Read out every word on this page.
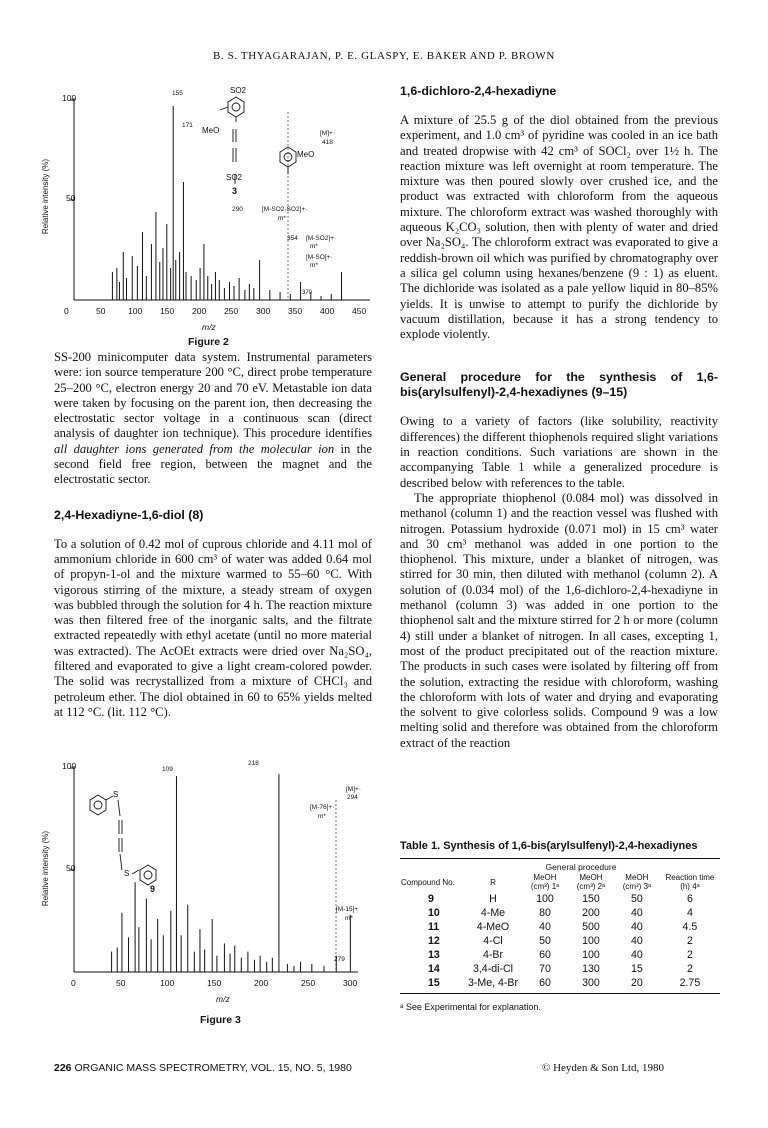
B. S. THYAGARAJAN, P. E. GLASPY, E. BAKER AND P. BROWN
100
50
Relative intensity (%)
0	50	100 150 200 250 300 350 400 450
m/z
Figure 2
SO2
MeO
MeO
SO2
3
155
171
[M]+·
418
[M-SO2-SO2]+·
290
m*
[M-SO2]+·
354
m*
[M-SO]+·
m*
370

SS-200 minicomputer data system. Instrumental parameters were: ion source temperature 200 °C, direct probe temperature 25–200 °C, electron energy 20 and 70 eV. Metastable ion data were taken by focusing on the parent ion, then decreasing the electrostatic sector voltage in a continuous scan (direct analysis of daughter ion technique). This procedure identifies all daughter ions generated from the molecular ion in the second field free region, between the magnet and the electrostatic sector.

2,4-Hexadiyne-1,6-diol (8)

To a solution of 0.42 mol of cuprous chloride and 4.11 mol of ammonium chloride in 600 cm³ of water was added 0.64 mol of propyn-1-ol and the mixture warmed to 55–60 °C. With vigorous stirring of the mixture, a steady stream of oxygen was bubbled through the solution for 4 h. The reaction mixture was then filtered free of the inorganic salts, and the filtrate extracted repeatedly with ethyl acetate (until no more material was extracted). The AcOEt extracts were dried over Na₂SO₄, filtered and evaporated to give a light cream-colored powder. The solid was recrystallized from a mixture of CHCl₃ and petroleum ether. The diol obtained in 60 to 65% yields melted at 112 °C. (lit. 112 °C).

100
50
Relative intensity (%)
0	50	100	150	200	250	300
m/z
Figure 3
S
S
9
109
218
[M]+·
294
[M-76]+·
m*
[M-15]+
m*
279
1,6-dichloro-2,4-hexadiyne

A mixture of 25.5 g of the diol obtained from the previous experiment, and 1.0 cm³ of pyridine was cooled in an ice bath and treated dropwise with 42 cm³ of SOCl₂ over 1½ h. The reaction mixture was left overnight at room temperature. The mixture was then poured slowly over crushed ice, and the product was extracted with chloroform from the aqueous mixture. The chloroform extract was washed thoroughly with aqueous K₂CO₃ solution, then with plenty of water and dried over Na₂SO₄. The chloroform extract was evaporated to give a reddish-brown oil which was purified by chromatography over a silica gel column using hexanes/benzene (9 : 1) as eluent. The dichloride was isolated as a pale yellow liquid in 80–85% yields. It is unwise to attempt to purify the dichloride by vacuum distillation, because it has a strong tendency to explode violently.

General procedure for the synthesis of 1,6-bis(arylsulfenyl)-2,4-hexadiynes (9–15)

Owing to a variety of factors (like solubility, reactivity differences) the different thiophenols required slight variations in reaction conditions. Such variations are shown in the accompanying Table 1 while a generalized procedure is described below with references to the table.

The appropriate thiophenol (0.084 mol) was dissolved in methanol (column 1) and the reaction vessel was flushed with nitrogen. Potassium hydroxide (0.071 mol) in 15 cm³ water and 30 cm³ methanol was added in one portion to the thiophenol. This mixture, under a blanket of nitrogen, was stirred for 30 min, then diluted with methanol (column 2). A solution of (0.034 mol) of the 1,6-dichloro-2,4-hexadiyne in methanol (column 3) was added in one portion to the thiophenol salt and the mixture stirred for 2 h or more (column 4) still under a blanket of nitrogen. In all cases, excepting 1, most of the product precipitated out of the reaction mixture. The products in such cases were isolated by filtering off from the solution, extracting the residue with chloroform, washing the chloroform with lots of water and drying and evaporating the solvent to give colorless solids. Compound 9 was a low melting solid and therefore was obtained from the chloroform extract of the reaction

Table 1. Synthesis of 1,6-bis(arylsulfenyl)-2,4-hexadiynes
General procedure
Compound No.	R	MeOH (cm³) 1ᵃ	MeOH (cm³) 2ᵃ	MeOH (cm³) 3ᵃ	Reaction time (h) 4ᵃ
9	H	100	150	50	6
10	4-Me	80	200	40	4
11	4-MeO	40	500	40	4.5
12	4-Cl	50	100	40	2
13	4-Br	60	100	40	2
14	3,4-di-Cl	70	130	15	2
15	3-Me, 4-Br	60	300	20	2.75
ᵃ See Experimental for explanation.
226 ORGANIC MASS SPECTROMETRY, VOL. 15, NO. 5, 1980	© Heyden & Son Ltd, 1980
